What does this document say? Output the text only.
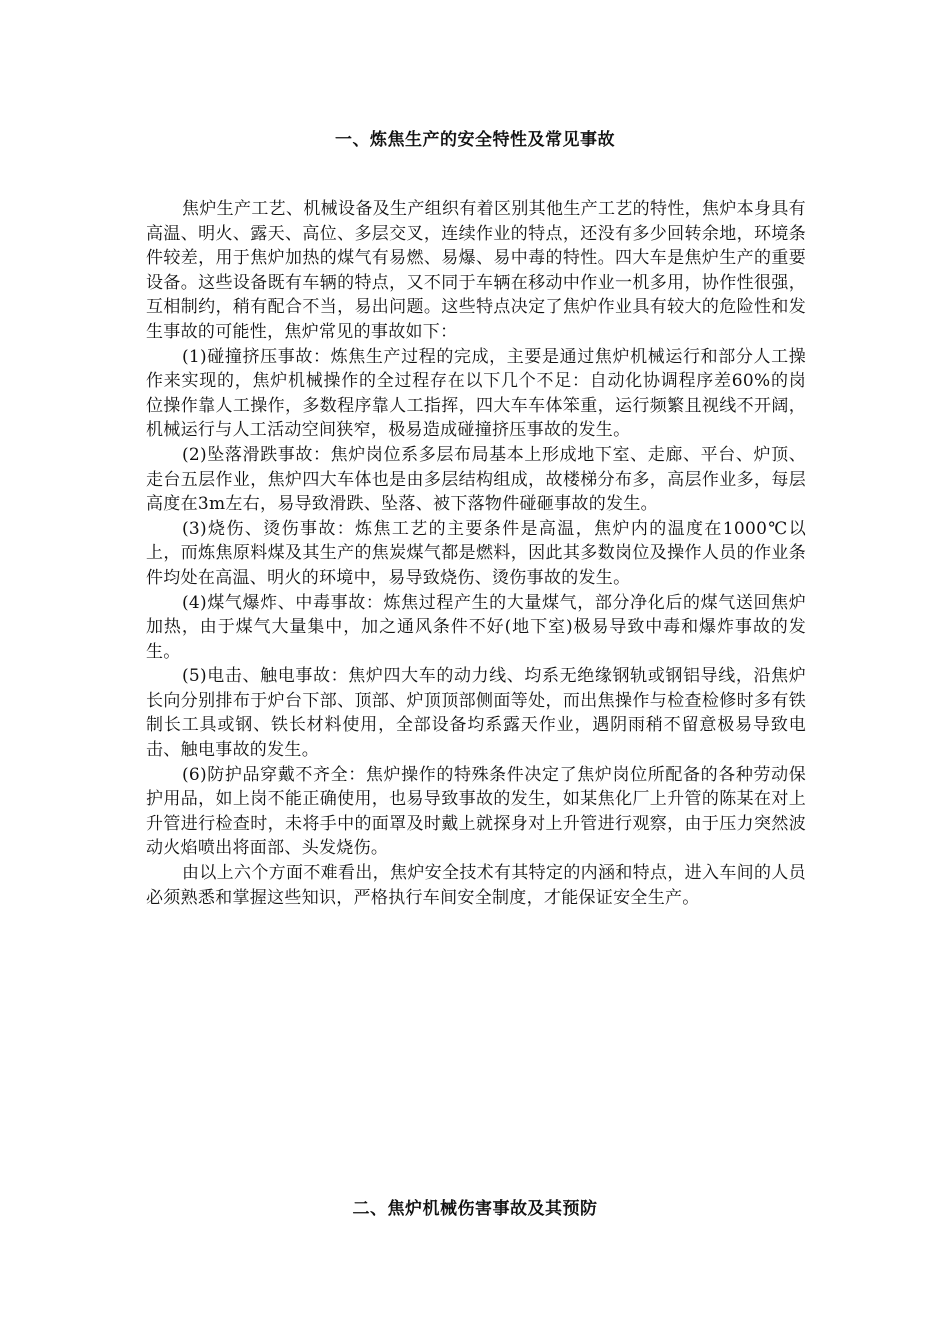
一、炼焦生产的安全特性及常见事故

焦炉生产工艺、机械设备及生产组织有着区别其他生产工艺的特性，焦炉本身具有高温、明火、露天、高位、多层交叉，连续作业的特点，还没有多少回转余地，环境条件较差，用于焦炉加热的煤气有易燃、易爆、易中毒的特性。四大车是焦炉生产的重要设备。这些设备既有车辆的特点，又不同于车辆在移动中作业一机多用，协作性很强，互相制约，稍有配合不当，易出问题。这些特点决定了焦炉作业具有较大的危险性和发生事故的可能性，焦炉常见的事故如下：

(1)碰撞挤压事故：炼焦生产过程的完成，主要是通过焦炉机械运行和部分人工操作来实现的，焦炉机械操作的全过程存在以下几个不足：自动化协调程序差60%的岗位操作靠人工操作，多数程序靠人工指挥，四大车车体笨重，运行频繁且视线不开阔，机械运行与人工活动空间狭窄，极易造成碰撞挤压事故的发生。

(2)坠落滑跌事故：焦炉岗位系多层布局基本上形成地下室、走廊、平台、炉顶、走台五层作业，焦炉四大车体也是由多层结构组成，故楼梯分布多，高层作业多，每层高度在3m左右，易导致滑跌、坠落、被下落物件碰砸事故的发生。

(3)烧伤、烫伤事故：炼焦工艺的主要条件是高温，焦炉内的温度在1000℃以上，而炼焦原料煤及其生产的焦炭煤气都是燃料，因此其多数岗位及操作人员的作业条件均处在高温、明火的环境中，易导致烧伤、烫伤事故的发生。

(4)煤气爆炸、中毒事故：炼焦过程产生的大量煤气，部分净化后的煤气送回焦炉加热，由于煤气大量集中，加之通风条件不好(地下室)极易导致中毒和爆炸事故的发生。

(5)电击、触电事故：焦炉四大车的动力线、均系无绝缘钢轨或钢铝导线，沿焦炉长向分别排布于炉台下部、顶部、炉顶顶部侧面等处，而出焦操作与检查检修时多有铁制长工具或钢、铁长材料使用，全部设备均系露天作业，遇阴雨稍不留意极易导致电击、触电事故的发生。

(6)防护品穿戴不齐全：焦炉操作的特殊条件决定了焦炉岗位所配备的各种劳动保护用品，如上岗不能正确使用，也易导致事故的发生，如某焦化厂上升管的陈某在对上升管进行检查时，未将手中的面罩及时戴上就探身对上升管进行观察，由于压力突然波动火焰喷出将面部、头发烧伤。

由以上六个方面不难看出，焦炉安全技术有其特定的内涵和特点，进入车间的人员必须熟悉和掌握这些知识，严格执行车间安全制度，才能保证安全生产。

二、焦炉机械伤害事故及其预防
